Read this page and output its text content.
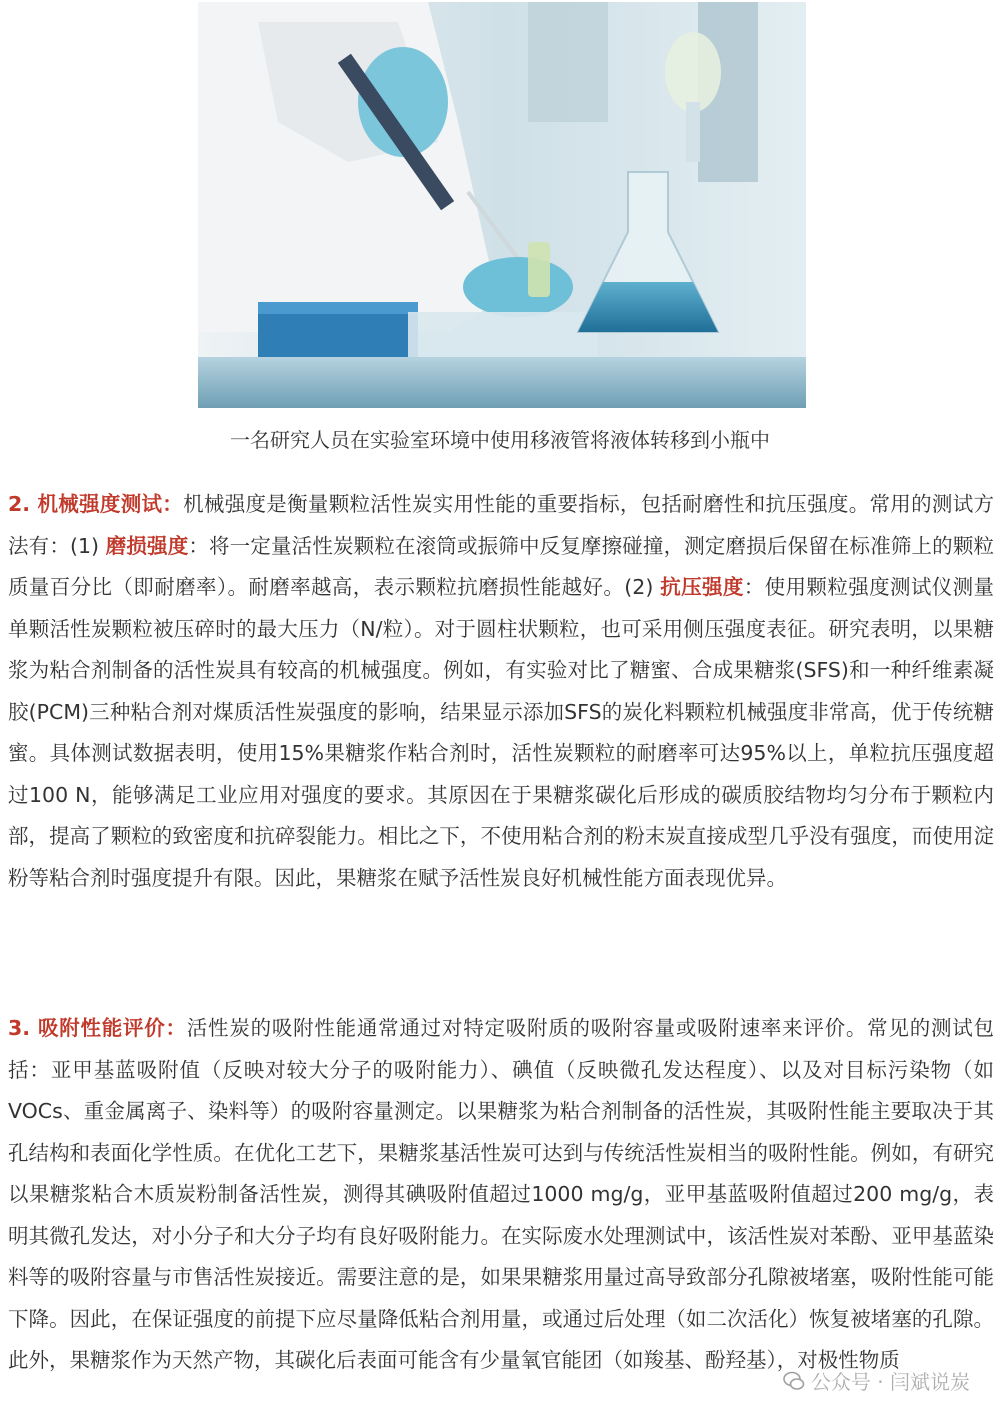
一名研究人员在实验室环境中使用移液管将液体转移到小瓶中

2. 机械强度测试：机械强度是衡量颗粒活性炭实用性能的重要指标，包括耐磨性和抗压强度。常用的测试方法有：(1) 磨损强度：将一定量活性炭颗粒在滚筒或振筛中反复摩擦碰撞，测定磨损后保留在标准筛上的颗粒质量百分比（即耐磨率）。耐磨率越高，表示颗粒抗磨损性能越好。(2) 抗压强度：使用颗粒强度测试仪测量单颗活性炭颗粒被压碎时的最大压力（N/粒）。对于圆柱状颗粒，也可采用侧压强度表征。研究表明，以果糖浆为粘合剂制备的活性炭具有较高的机械强度。例如，有实验对比了糖蜜、合成果糖浆(SFS)和一种纤维素凝胶(PCM)三种粘合剂对煤质活性炭强度的影响，结果显示添加SFS的炭化料颗粒机械强度非常高，优于传统糖蜜。具体测试数据表明，使用15%果糖浆作粘合剂时，活性炭颗粒的耐磨率可达95%以上，单粒抗压强度超过100 N，能够满足工业应用对强度的要求。其原因在于果糖浆碳化后形成的碳质胶结物均匀分布于颗粒内部，提高了颗粒的致密度和抗碎裂能力。相比之下，不使用粘合剂的粉末炭直接成型几乎没有强度，而使用淀粉等粘合剂时强度提升有限。因此，果糖浆在赋予活性炭良好机械性能方面表现优异。

3. 吸附性能评价：活性炭的吸附性能通常通过对特定吸附质的吸附容量或吸附速率来评价。常见的测试包括：亚甲基蓝吸附值（反映对较大分子的吸附能力）、碘值（反映微孔发达程度）、以及对目标污染物（如VOCs、重金属离子、染料等）的吸附容量测定。以果糖浆为粘合剂制备的活性炭，其吸附性能主要取决于其孔结构和表面化学性质。在优化工艺下，果糖浆基活性炭可达到与传统活性炭相当的吸附性能。例如，有研究以果糖浆粘合木质炭粉制备活性炭，测得其碘吸附值超过1000 mg/g，亚甲基蓝吸附值超过200 mg/g，表明其微孔发达，对小分子和大分子均有良好吸附能力。在实际废水处理测试中，该活性炭对苯酚、亚甲基蓝染料等的吸附容量与市售活性炭接近。需要注意的是，如果果糖浆用量过高导致部分孔隙被堵塞，吸附性能可能下降。因此，在保证强度的前提下应尽量降低粘合剂用量，或通过后处理（如二次活化）恢复被堵塞的孔隙。此外，果糖浆作为天然产物，其碳化后表面可能含有少量氧官能团（如羧基、酚羟基），对极性物质

公众号 · 闫斌说炭
